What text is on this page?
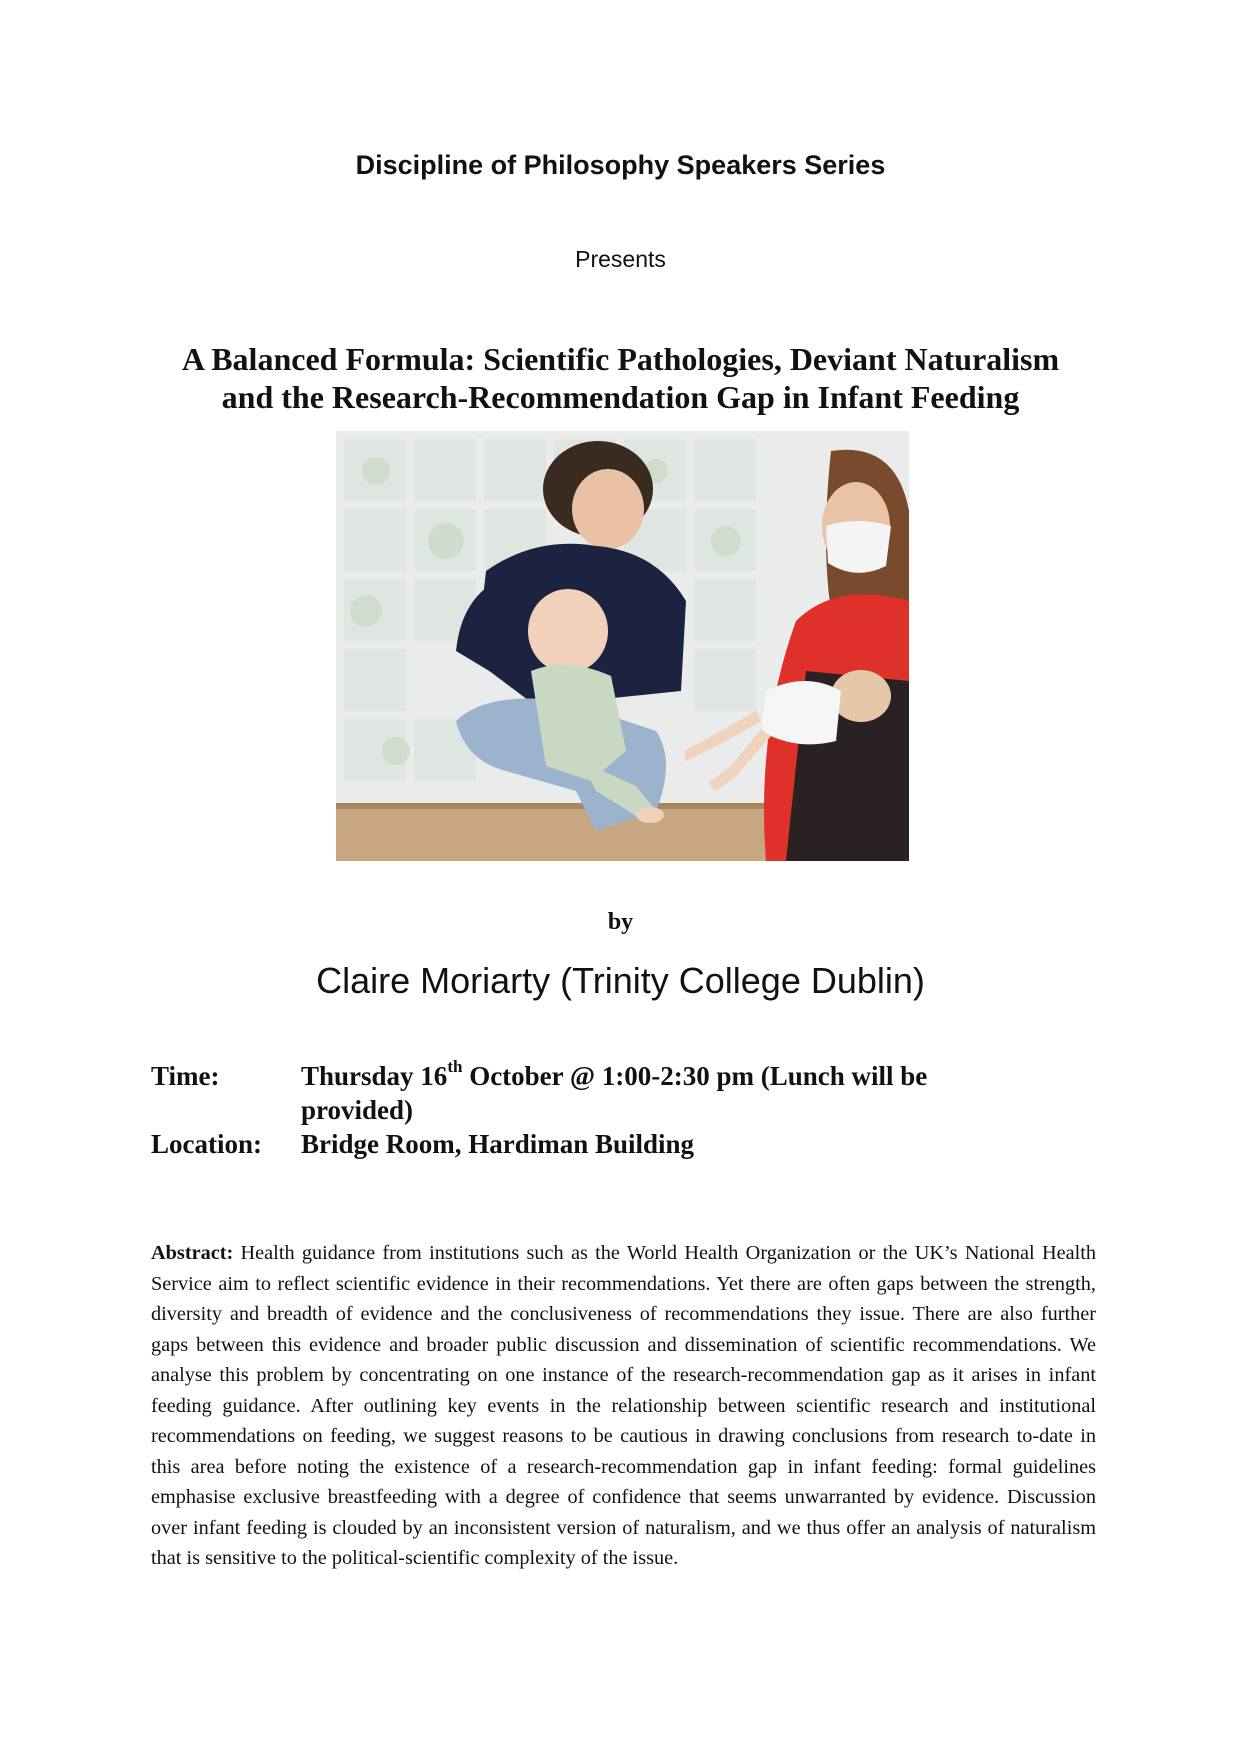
Discipline of Philosophy Speakers Series
Presents
A Balanced Formula: Scientific Pathologies, Deviant Naturalism
and the Research-Recommendation Gap in Infant Feeding
by
Claire Moriarty (Trinity College Dublin)
Time:	Thursday 16th October @ 1:00-2:30 pm (Lunch will be provided)
Location:	Bridge Room, Hardiman Building
Abstract: Health guidance from institutions such as the World Health Organization or the UK’s National Health Service aim to reflect scientific evidence in their recommendations. Yet there are often gaps between the strength, diversity and breadth of evidence and the conclusiveness of recommendations they issue. There are also further gaps between this evidence and broader public discussion and dissemination of scientific recommendations. We analyse this problem by concentrating on one instance of the research-recommendation gap as it arises in infant feeding guidance. After outlining key events in the relationship between scientific research and institutional recommendations on feeding, we suggest reasons to be cautious in drawing conclusions from research to-date in this area before noting the existence of a research-recommendation gap in infant feeding: formal guidelines emphasise exclusive breastfeeding with a degree of confidence that seems unwarranted by evidence. Discussion over infant feeding is clouded by an inconsistent version of naturalism, and we thus offer an analysis of naturalism that is sensitive to the political-scientific complexity of the issue.
